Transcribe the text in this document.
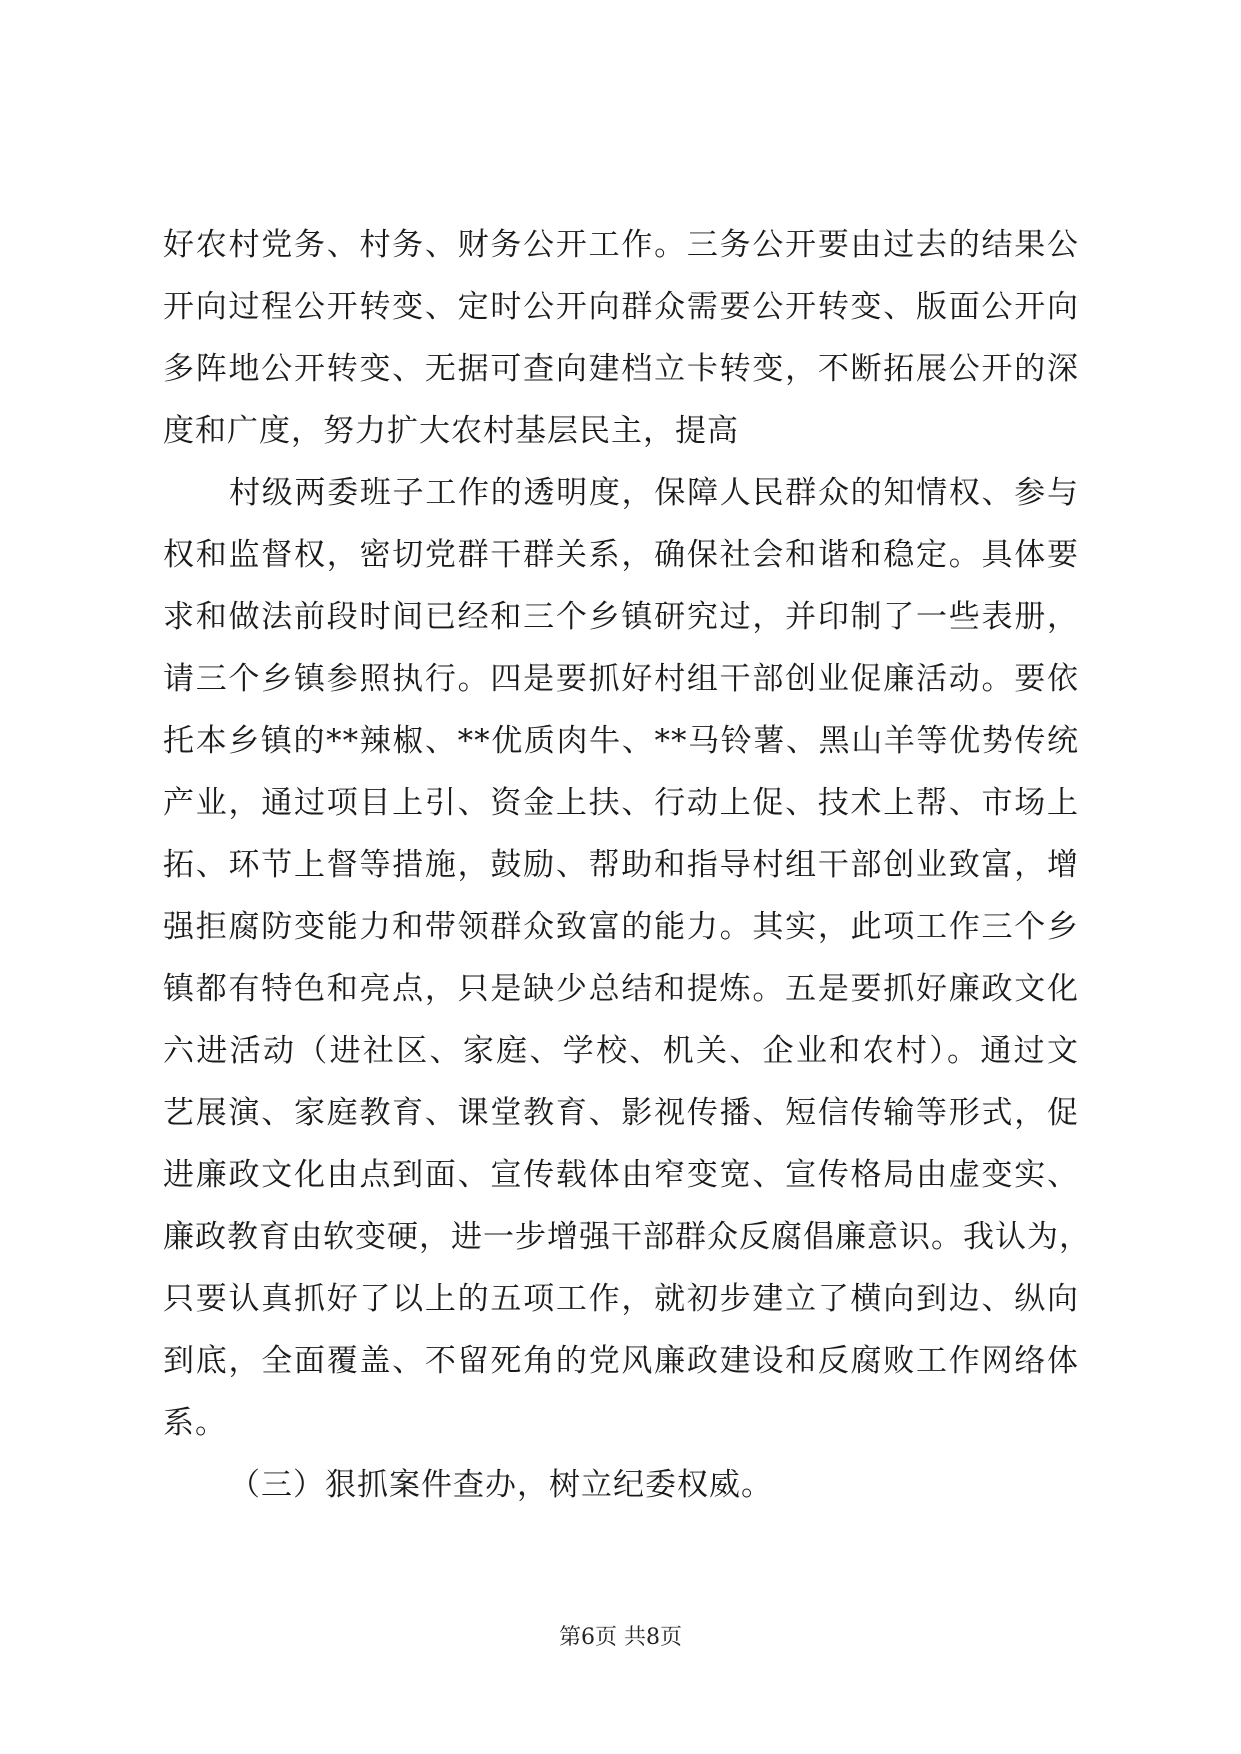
好农村党务、村务、财务公开工作。三务公开要由过去的结果公
开向过程公开转变、定时公开向群众需要公开转变、版面公开向
多阵地公开转变、无据可查向建档立卡转变，不断拓展公开的深
度和广度，努力扩大农村基层民主，提高
村级两委班子工作的透明度，保障人民群众的知情权、参与
权和监督权，密切党群干群关系，确保社会和谐和稳定。具体要
求和做法前段时间已经和三个乡镇研究过，并印制了一些表册，
请三个乡镇参照执行。四是要抓好村组干部创业促廉活动。要依
托本乡镇的**辣椒、**优质肉牛、**马铃薯、黑山羊等优势传统
产业，通过项目上引、资金上扶、行动上促、技术上帮、市场上
拓、环节上督等措施，鼓励、帮助和指导村组干部创业致富，增
强拒腐防变能力和带领群众致富的能力。其实，此项工作三个乡
镇都有特色和亮点，只是缺少总结和提炼。五是要抓好廉政文化
六进活动（进社区、家庭、学校、机关、企业和农村）。通过文
艺展演、家庭教育、课堂教育、影视传播、短信传输等形式，促
进廉政文化由点到面、宣传载体由窄变宽、宣传格局由虚变实、
廉政教育由软变硬，进一步增强干部群众反腐倡廉意识。我认为，
只要认真抓好了以上的五项工作，就初步建立了横向到边、纵向
到底，全面覆盖、不留死角的党风廉政建设和反腐败工作网络体
系。
（三）狠抓案件查办，树立纪委权威。
第6页 共8页
